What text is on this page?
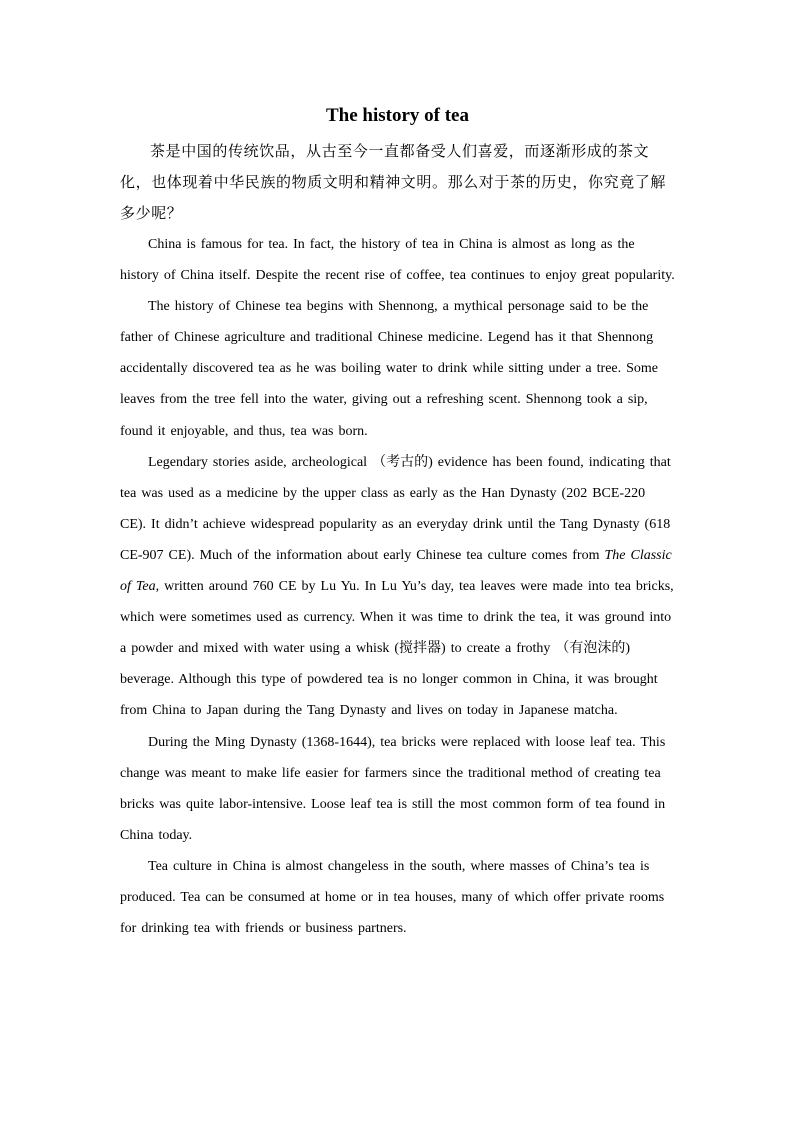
The history of tea

茶是中国的传统饮品，从古至今一直都备受人们喜爱，而逐渐形成的茶文化，也体现着中华民族的物质文明和精神文明。那么对于茶的历史，你究竟了解多少呢？

China is famous for tea. In fact, the history of tea in China is almost as long as the history of China itself. Despite the recent rise of coffee, tea continues to enjoy great popularity.

The history of Chinese tea begins with Shennong, a mythical personage said to be the father of Chinese agriculture and traditional Chinese medicine. Legend has it that Shennong accidentally discovered tea as he was boiling water to drink while sitting under a tree. Some leaves from the tree fell into the water, giving out a refreshing scent. Shennong took a sip, found it enjoyable, and thus, tea was born.

Legendary stories aside, archeological （考古的) evidence has been found, indicating that tea was used as a medicine by the upper class as early as the Han Dynasty (202 BCE-220 CE). It didn’t achieve widespread popularity as an everyday drink until the Tang Dynasty (618 CE-907 CE). Much of the information about early Chinese tea culture comes from The Classic of Tea, written around 760 CE by Lu Yu. In Lu Yu’s day, tea leaves were made into tea bricks, which were sometimes used as currency. When it was time to drink the tea, it was ground into a powder and mixed with water using a whisk (搅拌器) to create a frothy （有泡沫的) beverage. Although this type of powdered tea is no longer common in China, it was brought from China to Japan during the Tang Dynasty and lives on today in Japanese matcha.

During the Ming Dynasty (1368-1644), tea bricks were replaced with loose leaf tea. This change was meant to make life easier for farmers since the traditional method of creating tea bricks was quite labor-intensive. Loose leaf tea is still the most common form of tea found in China today.

Tea culture in China is almost changeless in the south, where masses of China’s tea is produced. Tea can be consumed at home or in tea houses, many of which offer private rooms for drinking tea with friends or business partners.
